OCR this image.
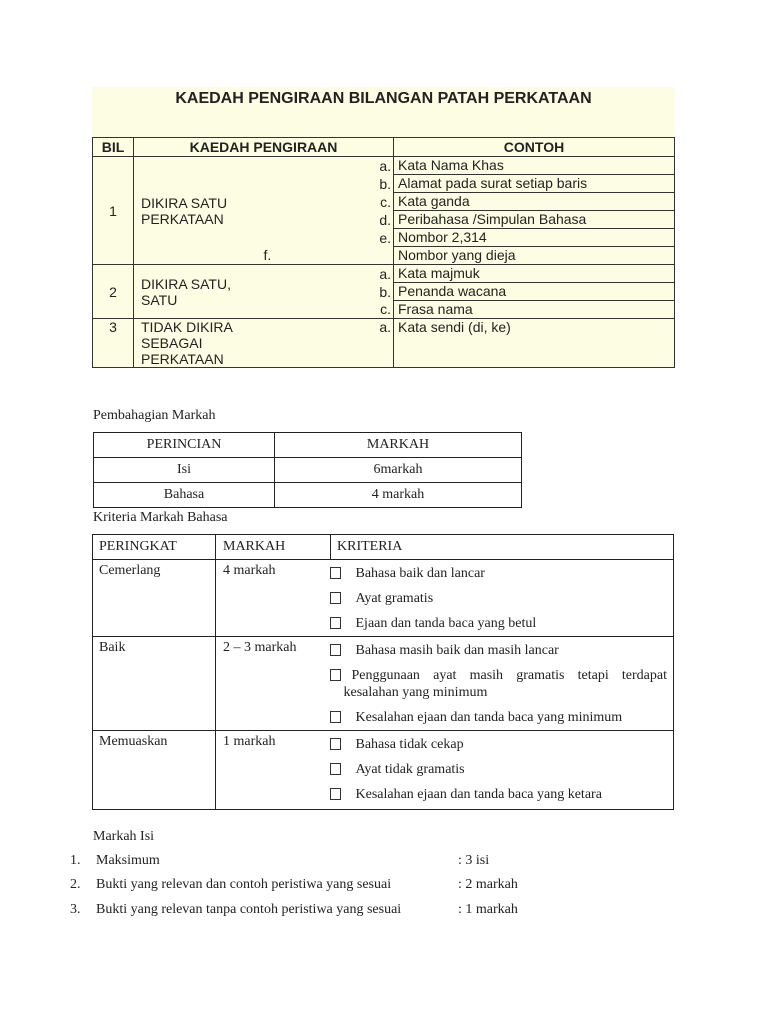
KAEDAH PENGIRAAN BILANGAN PATAH PERKATAAN
BIL	KAEDAH PENGIRAAN		CONTOH
1	DIKIRA SATU PERKATAAN	a.	Kata Nama Khas
		b.	Alamat pada surat setiap baris
		c.	Kata ganda
		d.	Peribahasa /Simpulan Bahasa
		e.	Nombor 2,314
		f.	Nombor yang dieja
2	DIKIRA SATU, SATU	a.	Kata majmuk
		b.	Penanda wacana
		c.	Frasa nama
3	TIDAK DIKIRA SEBAGAI PERKATAAN	a.	Kata sendi (di, ke)
Pembahagian Markah
PERINCIAN	MARKAH
Isi	6markah
Bahasa	4 markah
Kriteria Markah Bahasa
PERINGKAT	MARKAH	KRITERIA
Cemerlang	4 markah	Bahasa baik dan lancar
Ayat gramatis
Ejaan dan tanda baca yang betul

Baik	2 – 3 markah	Bahasa masih baik dan masih lancar
Penggunaan ayat masih gramatis tetapi terdapat kesalahan yang minimum
Kesalahan ejaan dan tanda baca yang minimum

Memuaskan	1 markah	Bahasa tidak cekap
Ayat tidak gramatis
Kesalahan ejaan dan tanda baca yang ketara
Markah Isi
1. Maksimum	: 3 isi
2. Bukti yang relevan dan contoh peristiwa yang sesuai	: 2 markah
3. Bukti yang relevan tanpa contoh peristiwa yang sesuai	: 1 markah
